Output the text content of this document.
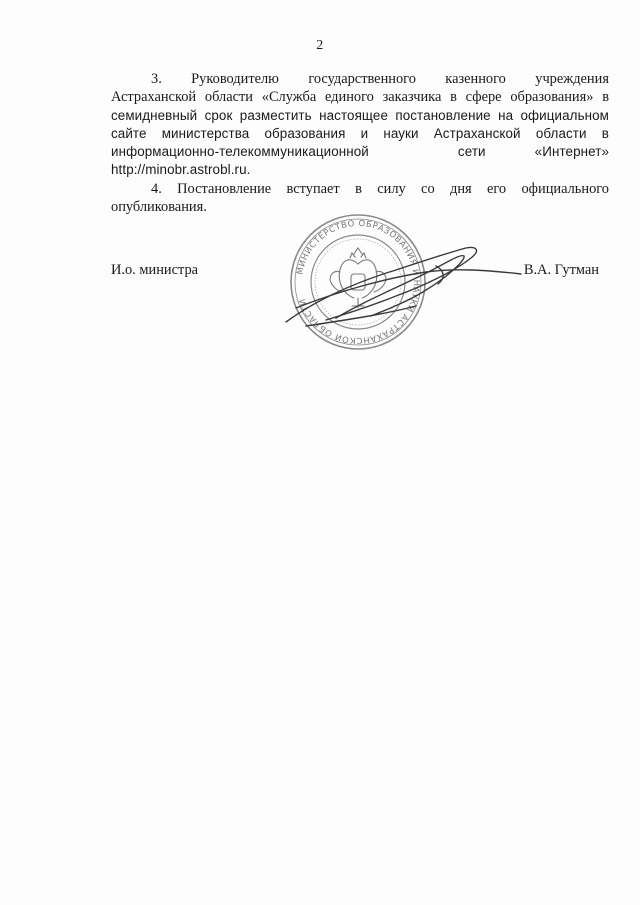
2
3. Руководителю государственного казенного учреждения
Астраханской области «Служба единого заказчика в сфере образования» в
семидневный срок разместить настоящее постановление на официальном
сайте министерства образования и науки Астраханской области в
информационно-телекоммуникационной	сети	«Интернет»
http://minobr.astrobl.ru.
4. Постановление вступает в силу со дня его официального
опубликования.
МИНИСТЕРСТВО ОБРАЗОВАНИЯ И НАУКИ АСТРАХАНСКОЙ ОБЛАСТИ
И.о. министра	В.А. Гутман
